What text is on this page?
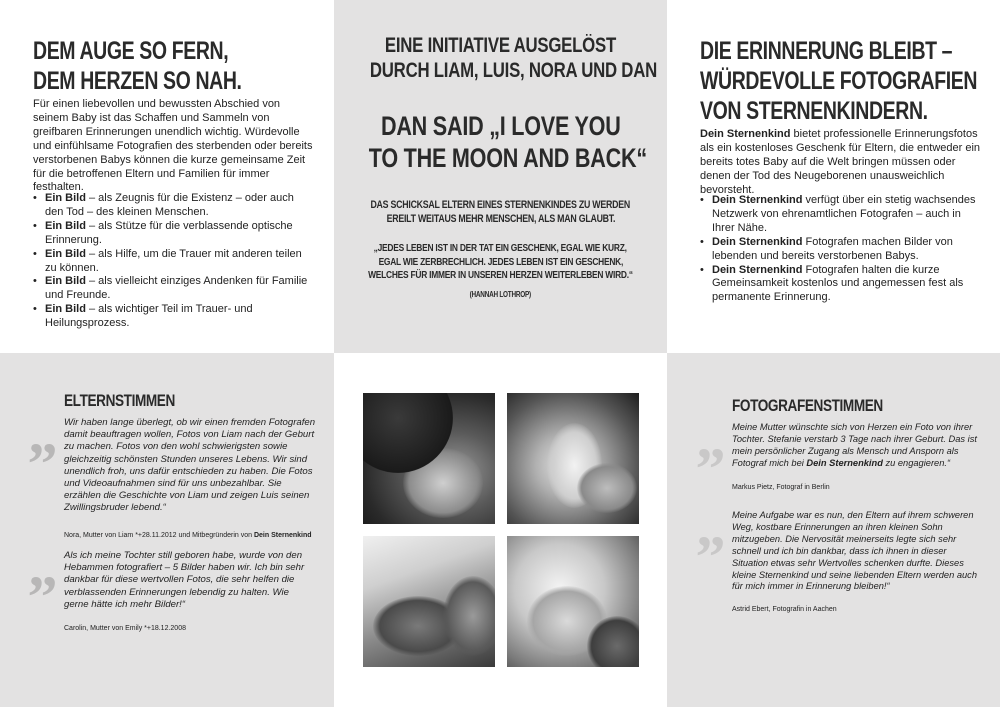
DEM AUGE SO FERN,
DEM HERZEN SO NAH.

Für einen liebevollen und bewussten Abschied von seinem Baby ist das Schaffen und Sammeln von greifbaren Erinnerungen unendlich wichtig. Würdevolle und einfühlsame Fotografien des sterbenden oder bereits verstorbenen Babys können die kurze gemeinsame Zeit für die betroffenen Eltern und Familien für immer festhalten.

• Ein Bild – als Zeugnis für die Existenz – oder auch den Tod – des kleinen Menschen.
• Ein Bild – als Stütze für die verblassende optische Erinnerung.
• Ein Bild – als Hilfe, um die Trauer mit anderen teilen zu können.
• Ein Bild – als vielleicht einziges Andenken für Familie und Freunde.
• Ein Bild – als wichtiger Teil im Trauer- und Heilungsprozess.
EINE INITIATIVE AUSGELÖST
DURCH LIAM, LUIS, NORA UND DAN
DAN SAID „I LOVE YOU
TO THE MOON AND BACK“
DAS SCHICKSAL ELTERN EINES STERNENKINDES ZU WERDEN
EREILT WEITAUS MEHR MENSCHEN, ALS MAN GLAUBT.
„JEDES LEBEN IST IN DER TAT EIN GESCHENK, EGAL WIE KURZ,
EGAL WIE ZERBRECHLICH. JEDES LEBEN IST EIN GESCHENK,
WELCHES FÜR IMMER IN UNSEREN HERZEN WEITERLEBEN WIRD.“
(HANNAH LOTHROP)
DIE ERINNERUNG BLEIBT –
WÜRDEVOLLE FOTOGRAFIEN
VON STERNENKINDERN.

Dein Sternenkind bietet professionelle Erinnerungsfotos als ein kostenloses Geschenk für Eltern, die entweder ein bereits totes Baby auf die Welt bringen müssen oder denen der Tod des Neugeborenen unausweichlich bevorsteht.

• Dein Sternenkind verfügt über ein stetig wachsendes Netzwerk von ehrenamtlichen Fotografen – auch in Ihrer Nähe.
• Dein Sternenkind Fotografen machen Bilder von lebenden und bereits verstorbenen Babys.
• Dein Sternenkind Fotografen halten die kurze Gemeinsamkeit kostenlos und angemessen fest als permanente Erinnerung.
ELTERNSTIMMEN
„ Wir haben lange überlegt, ob wir einen fremden Fotografen damit beauftragen wollen, Fotos von Liam nach der Geburt zu machen. Fotos von den wohl schwierigsten sowie gleichzeitig schönsten Stunden unseres Lebens. Wir sind unendlich froh, uns dafür entschieden zu haben. Die Fotos und Videoaufnahmen sind für uns unbezahlbar. Sie erzählen die Geschichte von Liam und zeigen Luis seinen Zwillingsbruder lebend.“

Nora, Mutter von Liam *+28.11.2012 und Mitbegründerin von Dein Sternenkind
„ Als ich meine Tochter still geboren habe, wurde von den Hebammen fotografiert – 5 Bilder haben wir. Ich bin sehr dankbar für diese wertvollen Fotos, die sehr helfen die verblassenden Erinnerungen lebendig zu halten. Wie gerne hätte ich mehr Bilder!“

Carolin, Mutter von Emily *+18.12.2008
FOTOGRAFENSTIMMEN
„ Meine Mutter wünschte sich von Herzen ein Foto von ihrer Tochter. Stefanie verstarb 3 Tage nach ihrer Geburt. Das ist mein persönlicher Zugang als Mensch und Ansporn als Fotograf mich bei Dein Sternenkind zu engagieren.“

Markus Pietz, Fotograf in Berlin
„ Meine Aufgabe war es nun, den Eltern auf ihrem schweren Weg, kostbare Erinnerungen an ihren kleinen Sohn mitzugeben. Die Nervosität meinerseits legte sich sehr schnell und ich bin dankbar, dass ich ihnen in dieser Situation etwas sehr Wertvolles schenken durfte. Dieses kleine Sternenkind und seine liebenden Eltern werden auch für mich immer in Erinnerung bleiben!“

Astrid Ebert, Fotografin in Aachen
